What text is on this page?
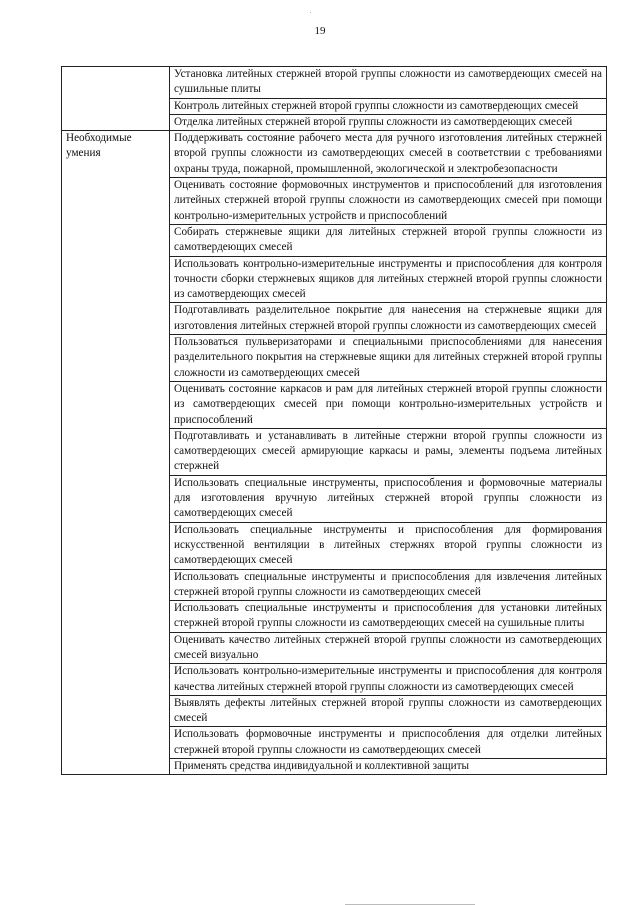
19
	Установка литейных стержней второй группы сложности из самотвердеющих смесей на сушильные плиты
	Контроль литейных стержней второй группы сложности из самотвердеющих смесей
	Отделка литейных стержней второй группы сложности из самотвердеющих смесей
Необходимые умения	Поддерживать состояние рабочего места для ручного изготовления литейных стержней второй группы сложности из самотвердеющих смесей в соответствии с требованиями охраны труда, пожарной, промышленной, экологической и электробезопасности
	Оценивать состояние формовочных инструментов и приспособлений для изготовления литейных стержней второй группы сложности из самотвердеющих смесей при помощи контрольно-измерительных устройств и приспособлений
	Собирать стержневые ящики для литейных стержней второй группы сложности из самотвердеющих смесей
	Использовать контрольно-измерительные инструменты и приспособления для контроля точности сборки стержневых ящиков для литейных стержней второй группы сложности из самотвердеющих смесей
	Подготавливать разделительное покрытие для нанесения на стержневые ящики для изготовления литейных стержней второй группы сложности из самотвердеющих смесей
	Пользоваться пульверизаторами и специальными приспособлениями для нанесения разделительного покрытия на стержневые ящики для литейных стержней второй группы сложности из самотвердеющих смесей
	Оценивать состояние каркасов и рам для литейных стержней второй группы сложности из самотвердеющих смесей при помощи контрольно-измерительных устройств и приспособлений
	Подготавливать и устанавливать в литейные стержни второй группы сложности из самотвердеющих смесей армирующие каркасы и рамы, элементы подъема литейных стержней
	Использовать специальные инструменты, приспособления и формовочные материалы для изготовления вручную литейных стержней второй группы сложности из самотвердеющих смесей
	Использовать специальные инструменты и приспособления для формирования искусственной вентиляции в литейных стержнях второй группы сложности из самотвердеющих смесей
	Использовать специальные инструменты и приспособления для извлечения литейных стержней второй группы сложности из самотвердеющих смесей
	Использовать специальные инструменты и приспособления для установки литейных стержней второй группы сложности из самотвердеющих смесей на сушильные плиты
	Оценивать качество литейных стержней второй группы сложности из самотвердеющих смесей визуально
	Использовать контрольно-измерительные инструменты и приспособления для контроля качества литейных стержней второй группы сложности из самотвердеющих смесей
	Выявлять дефекты литейных стержней второй группы сложности из самотвердеющих смесей
	Использовать формовочные инструменты и приспособления для отделки литейных стержней второй группы сложности из самотвердеющих смесей
	Применять средства индивидуальной и коллективной защиты
